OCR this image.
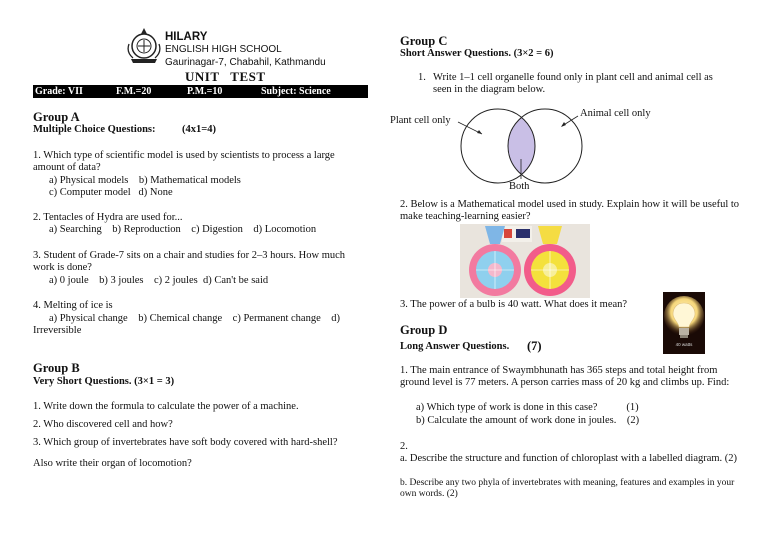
HILARY
ENGLISH HIGH SCHOOL
Gaurinagar-7, Chabahil, Kathmandu
UNIT   TEST
Grade: VII	F.M.=20	P.M.=10	Subject: Science
Group A
Multiple Choice Questions:	(4x1=4)
1. Which type of scientific model is used by scientists to process a large amount of data?
a) Physical models    b) Mathematical models
c) Computer model   d) None
2. Tentacles of Hydra are used for...
a) Searching    b) Reproduction    c) Digestion    d) Locomotion
3. Student of Grade-7 sits on a chair and studies for 2–3 hours. How much work is done?
a) 0 joule    b) 3 joules    c) 2 joules  d) Can't be said
4. Melting of ice is
a) Physical change    b) Chemical change    c) Permanent change    d)
Irreversible
Group B
Very Short Questions. (3×1 = 3)
1. Write down the formula to calculate the power of a machine.
2. Who discovered cell and how?
3. Which group of invertebrates have soft body covered with hard-shell?
Also write their organ of locomotion?
Group C
Short Answer Questions. (3×2 = 6)
1. Write 1–1 cell organelle found only in plant cell and animal cell as seen in the diagram below.
Plant cell only
Animal cell only
Both
2. Below is a Mathematical model used in study. Explain how it will be useful to make teaching-learning easier?
3. The power of a bulb is 40 watt. What does it mean?
40 watts
Group D
Long Answer Questions. (7)
1. The main entrance of Swaymbhunath has 365 steps and total height from ground level is 77 meters. A person carries mass of 20 kg and climbs up. Find:
a) Which type of work is done in this case?           (1)
b) Calculate the amount of work done in joules.    (2)
2.
a. Describe the structure and function of chloroplast with a labelled diagram. (2)
b. Describe any two phyla of invertebrates with meaning, features and examples in your own words. (2)
